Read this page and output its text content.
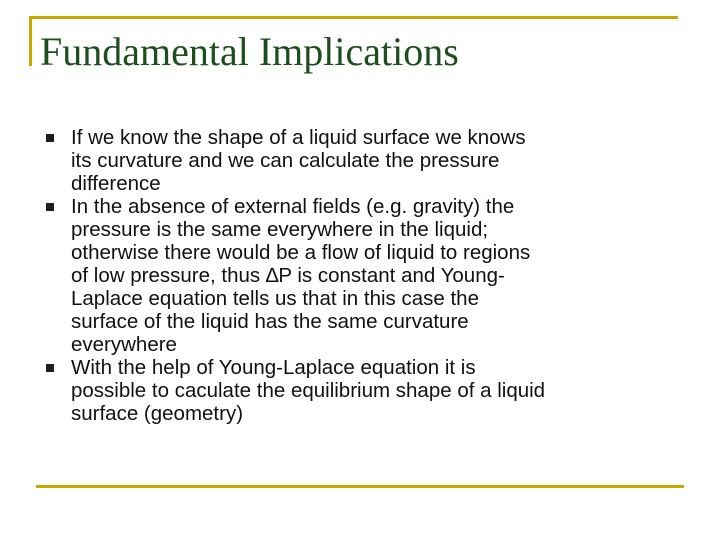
Fundamental Implications
If we know the shape of a liquid surface we knows
its curvature and we can calculate the pressure
difference
In the absence of external fields (e.g. gravity) the
pressure is the same everywhere in the liquid;
otherwise there would be a flow of liquid to regions
of low pressure, thus ∆P is constant and Young-
Laplace equation tells us that in this case the
surface of the liquid has the same curvature
everywhere
With the help of Young-Laplace equation it is
possible to caculate the equilibrium shape of a liquid
surface (geometry)
